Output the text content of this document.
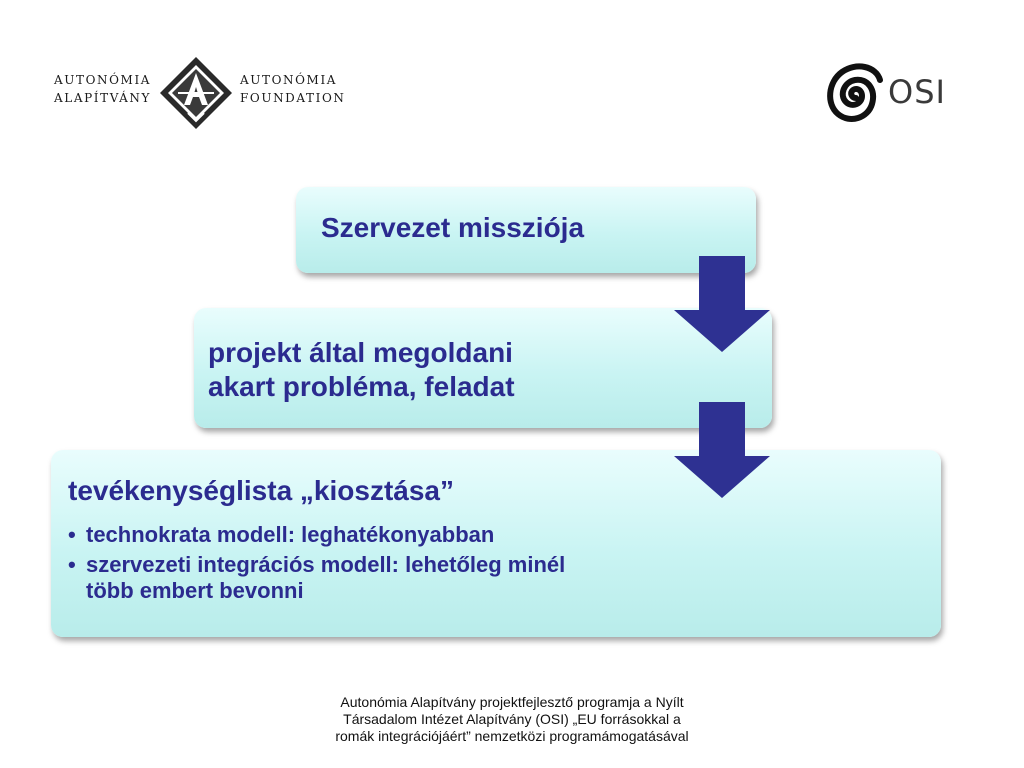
AUTONÓMIA
ALAPÍTVÁNY
AUTONÓMIA
FOUNDATION	OSI
Szervezet missziója
projekt által megoldani
akart probléma, feladat
tevékenységlista „kiosztása”
• technokrata modell: leghatékonyabban
• szervezeti integrációs modell: lehetőleg minél
több embert bevonni
Autonómia Alapítvány projektfejlesztő programja a Nyílt
Társadalom Intézet Alapítvány (OSI) „EU forrásokkal a
romák integrációjáért” nemzetközi programámogatásával
